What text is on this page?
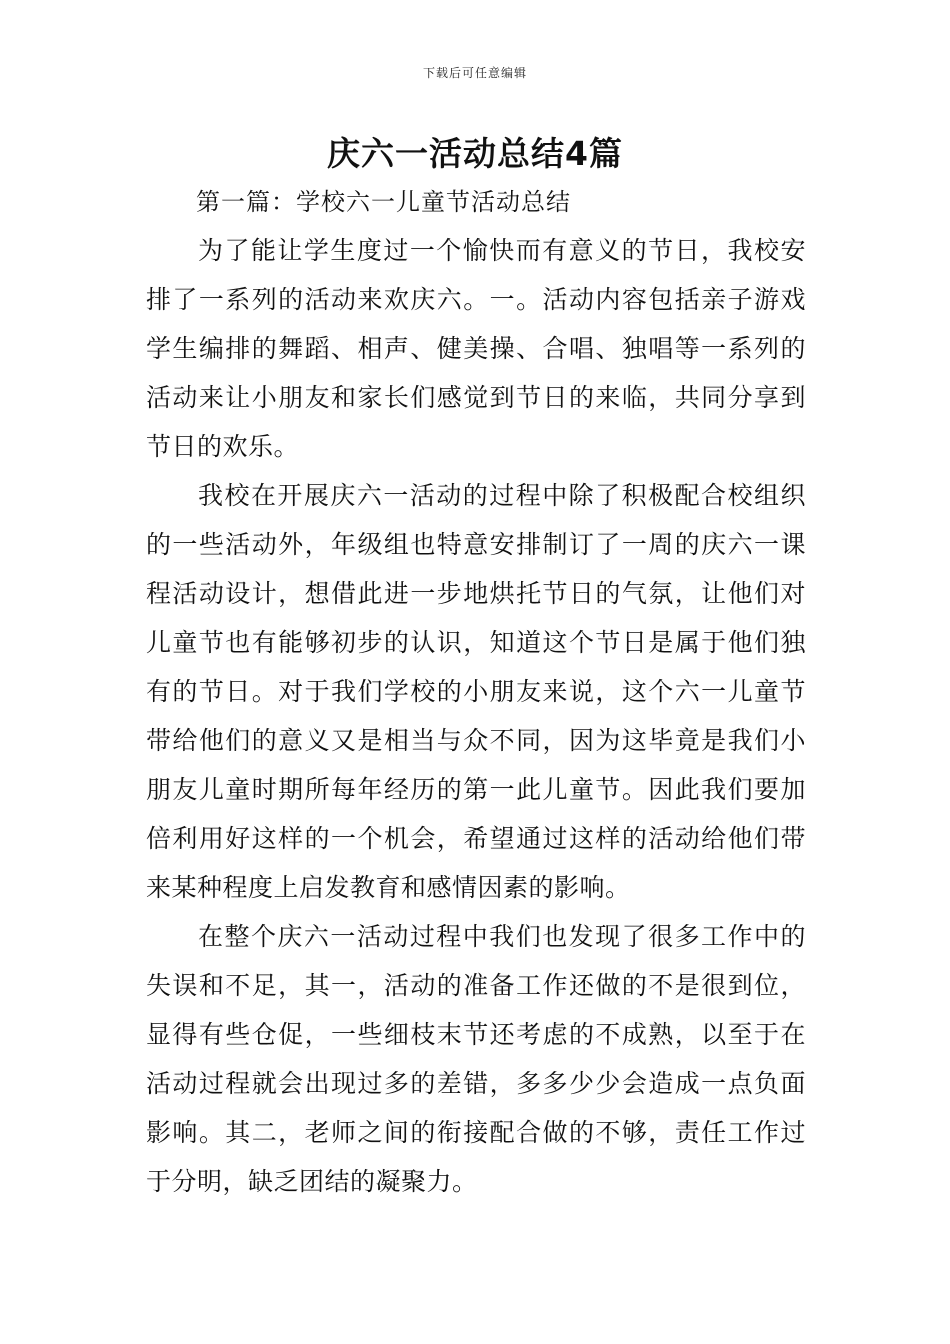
下载后可任意编辑
庆六一活动总结4篇
第一篇：学校六一儿童节活动总结

为了能让学生度过一个愉快而有意义的节日，我校安排了一系列的活动来欢庆六。一。活动内容包括亲子游戏学生编排的舞蹈、相声、健美操、合唱、独唱等一系列的活动来让小朋友和家长们感觉到节日的来临，共同分享到节日的欢乐。

我校在开展庆六一活动的过程中除了积极配合校组织的一些活动外，年级组也特意安排制订了一周的庆六一课程活动设计，想借此进一步地烘托节日的气氛，让他们对儿童节也有能够初步的认识，知道这个节日是属于他们独有的节日。对于我们学校的小朋友来说，这个六一儿童节带给他们的意义又是相当与众不同，因为这毕竟是我们小朋友儿童时期所每年经历的第一此儿童节。因此我们要加倍利用好这样的一个机会，希望通过这样的活动给他们带来某种程度上启发教育和感情因素的影响。

在整个庆六一活动过程中我们也发现了很多工作中的失误和不足，其一，活动的准备工作还做的不是很到位，显得有些仓促，一些细枝末节还考虑的不成熟，以至于在活动过程就会出现过多的差错，多多少少会造成一点负面影响。其二，老师之间的衔接配合做的不够，责任工作过于分明，缺乏团结的凝聚力。
